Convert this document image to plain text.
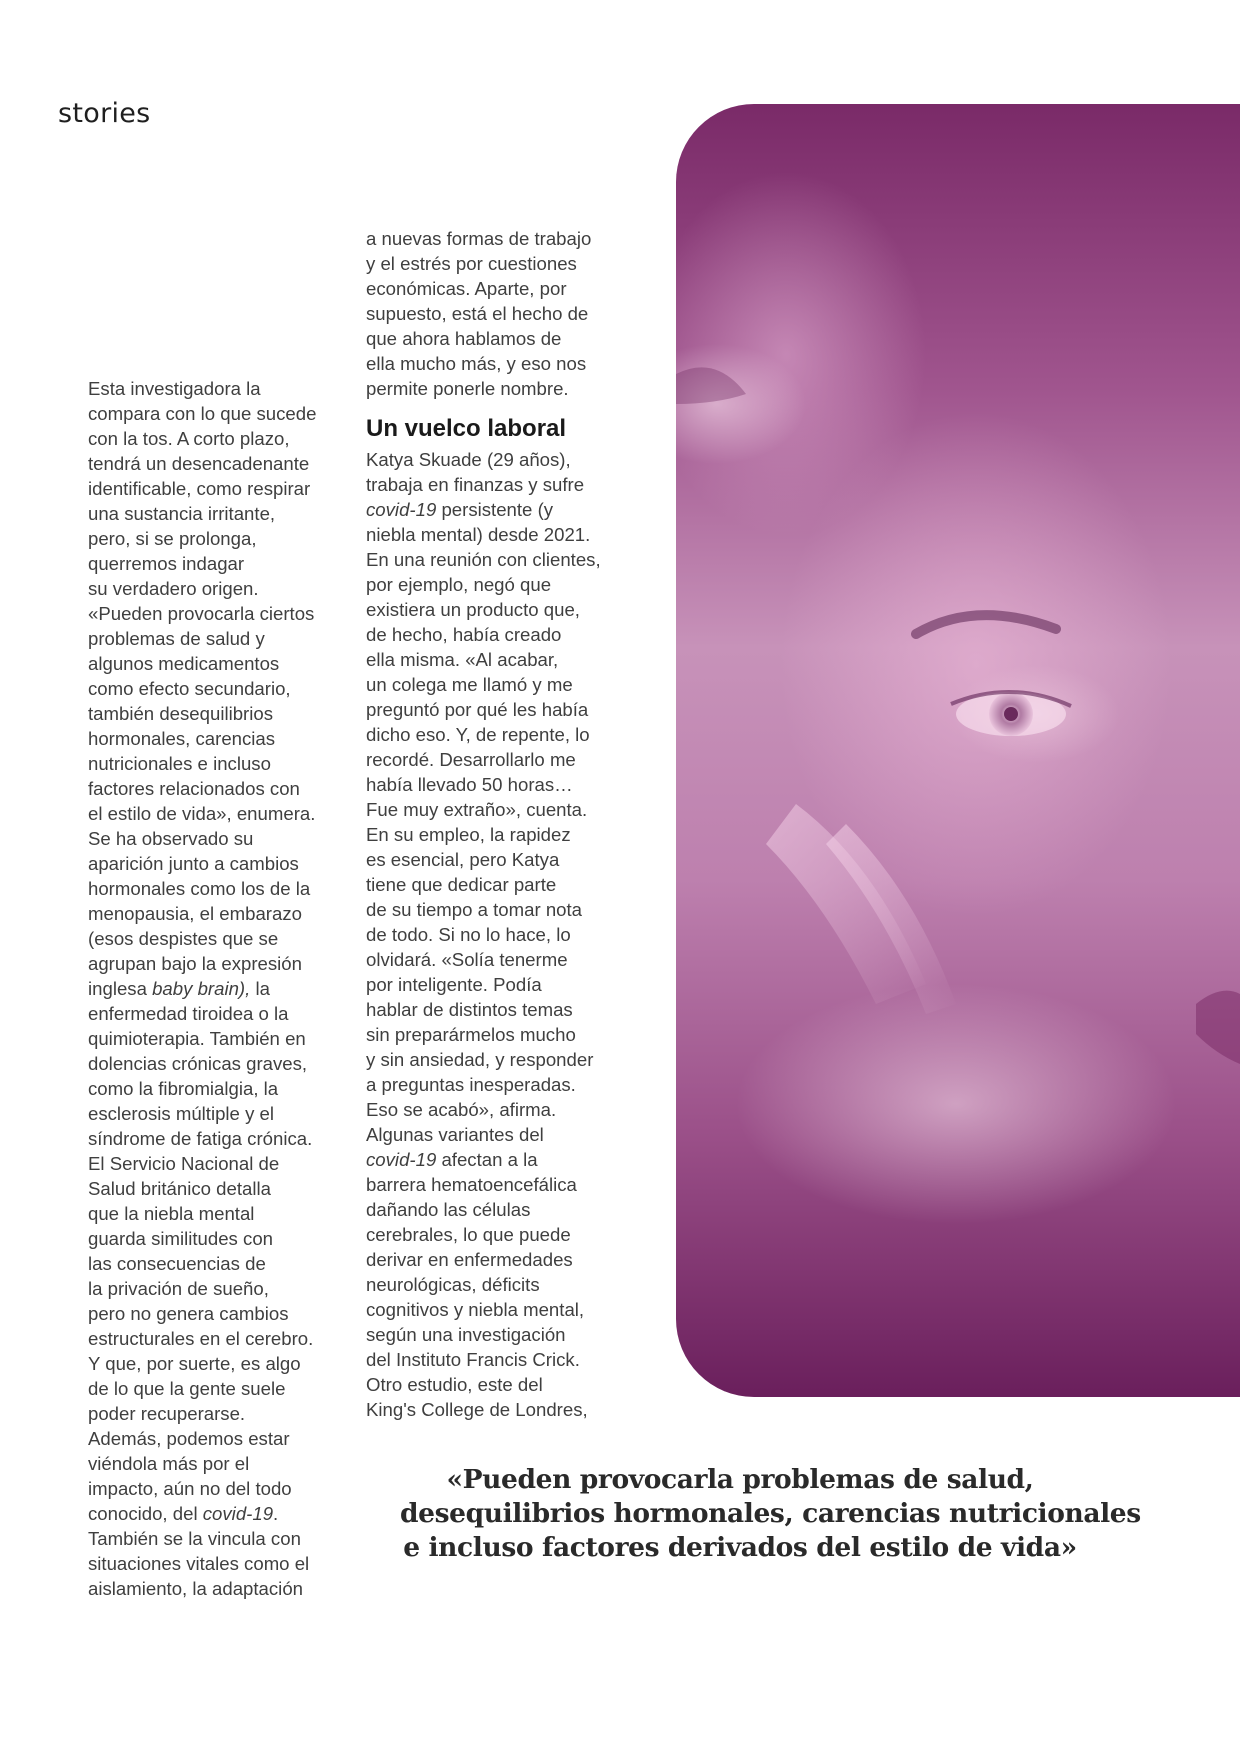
stories
Esta investigadora la
compara con lo que sucede
con la tos. A corto plazo,
tendrá un desencadenante
identificable, como respirar
una sustancia irritante,
pero, si se prolonga,
querremos indagar
su verdadero origen.
«Pueden provocarla ciertos
problemas de salud y
algunos medicamentos
como efecto secundario,
también desequilibrios
hormonales, carencias
nutricionales e incluso
factores relacionados con
el estilo de vida», enumera.
Se ha observado su
aparición junto a cambios
hormonales como los de la
menopausia, el embarazo
(esos despistes que se
agrupan bajo la expresión
inglesa baby brain), la
enfermedad tiroidea o la
quimioterapia. También en
dolencias crónicas graves,
como la fibromialgia, la
esclerosis múltiple y el
síndrome de fatiga crónica.
El Servicio Nacional de
Salud británico detalla
que la niebla mental
guarda similitudes con
las consecuencias de
la privación de sueño,
pero no genera cambios
estructurales en el cerebro.
Y que, por suerte, es algo
de lo que la gente suele
poder recuperarse.
Además, podemos estar
viéndola más por el
impacto, aún no del todo
conocido, del covid-19.
También se la vincula con
situaciones vitales como el
aislamiento, la adaptación
a nuevas formas de trabajo
y el estrés por cuestiones
económicas. Aparte, por
supuesto, está el hecho de
que ahora hablamos de
ella mucho más, y eso nos
permite ponerle nombre.
Un vuelco laboral
Katya Skuade (29 años),
trabaja en finanzas y sufre
covid-19 persistente (y
niebla mental) desde 2021.
En una reunión con clientes,
por ejemplo, negó que
existiera un producto que,
de hecho, había creado
ella misma. «Al acabar,
un colega me llamó y me
preguntó por qué les había
dicho eso. Y, de repente, lo
recordé. Desarrollarlo me
había llevado 50 horas…
Fue muy extraño», cuenta.
En su empleo, la rapidez
es esencial, pero Katya
tiene que dedicar parte
de su tiempo a tomar nota
de todo. Si no lo hace, lo
olvidará. «Solía tenerme
por inteligente. Podía
hablar de distintos temas
sin preparármelos mucho
y sin ansiedad, y responder
a preguntas inesperadas.
Eso se acabó», afirma.
Algunas variantes del
covid-19 afectan a la
barrera hematoencefálica
dañando las células
cerebrales, lo que puede
derivar en enfermedades
neurológicas, déficits
cognitivos y niebla mental,
según una investigación
del Instituto Francis Crick.
Otro estudio, este del
King's College de Londres,
«Pueden provocarla problemas de salud,
desequilibrios hormonales, carencias nutricionales
e incluso factores derivados del estilo de vida»
